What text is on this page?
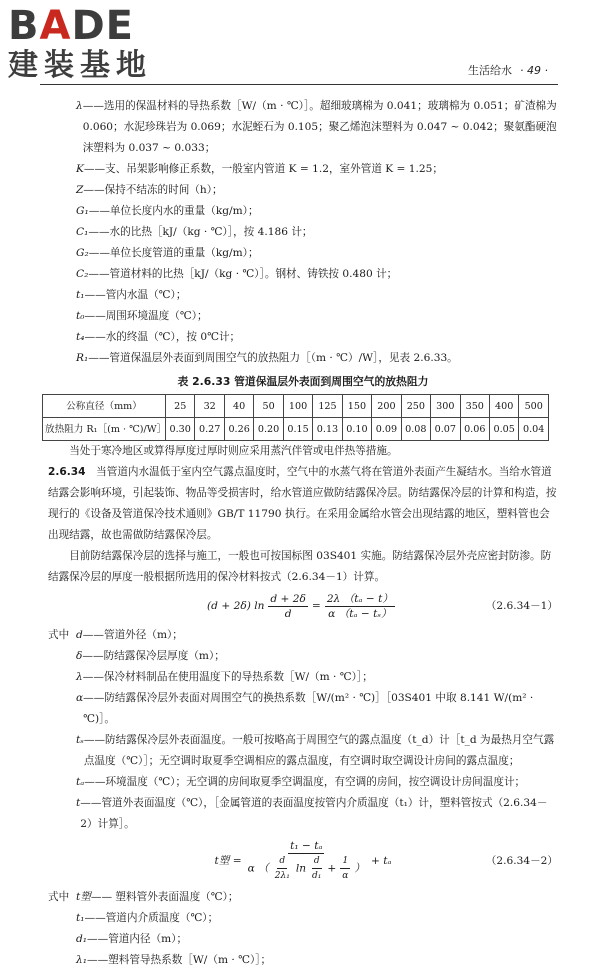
BADE
建装基地	生活给水 · 49 ·
λ ——选用的保温材料的导热系数［W/（m · ℃）］。超细玻璃棉为 0.041；玻璃棉为 0.051；矿渣棉为 0.060；水泥珍珠岩为 0.069；水泥蛭石为 0.105；聚乙烯泡沫塑料为 0.047 ~ 0.042；聚氨酯硬泡沫塑料为 0.037 ~ 0.033；
K ——支、吊架影响修正系数，一般室内管道 K = 1.2，室外管道 K = 1.25；
Z ——保持不结冻的时间（h）；
G₁ ——单位长度内水的重量（kg/m）；
C₁ ——水的比热［kJ/（kg · ℃）］，按 4.186 计；
G₂ ——单位长度管道的重量（kg/m）；
C₂ ——管道材料的比热［kJ/（kg · ℃）］。钢材、铸铁按 0.480 计；
t₁ ——管内水温（℃）；
t₀ ——周围环境温度（℃）；
t₄ ——水的终温（℃），按 0℃计；
R₁ ——管道保温层外表面到周围空气的放热阻力［（m · ℃）/W］，见表 2.6.33。
表 2.6.33 管道保温层外表面到周围空气的放热阻力
公称直径（mm）	25	32	40	50	100	125	150	200	250	300	350	400	500
放热阻力 R₁［(m · ℃)/W］	0.30	0.27	0.26	0.20	0.15	0.13	0.10	0.09	0.08	0.07	0.06	0.05	0.04
当处于寒冷地区或算得厚度过厚时则应采用蒸汽伴管或电伴热等措施。
2.6.34　 当管道内水温低于室内空气露点温度时，空气中的水蒸气将在管道外表面产生凝结水。当给水管道结露会影响环境，引起装饰、物品等受损害时，给水管道应做防结露保冷层。防结露保冷层的计算和构造，按现行的《设备及管道保冷技术通则》GB/T 11790 执行。在采用金属给水管会出现结露的地区，塑料管也会出现结露，故也需做防结露保冷层。
目前防结露保冷层的选择与施工，一般也可按国标图 03S401 实施。防结露保冷层外壳应密封防渗。防结露保冷层的厚度一般根据所选用的保冷材料按式（2.6.34－1）计算。
(d + 2δ) $\ln \frac{d + 2\delta}{d} = \frac{\text{2λ （tₐ − t）}}{\text{α （tₐ − tₛ）}}$	（2.6.34－1）
式中 d ——管道外径（m）；
δ ——防结露保冷层厚度（m）；
λ ——保冷材料制品在使用温度下的导热系数［W/（m · ℃）］；
α ——防结露保冷层外表面对周围空气的换热系数［W/(m² · ℃)］［03S401 中取 8.141 W/(m² · ℃)］。
tₛ ——防结露保冷层外表面温度。一般可按略高于周围空气的露点温度（t_d）计［t_d 为最热月空气露点温度（℃）］；无空调时取夏季空调相应的露点温度，有空调时取空调设计房间的露点温度；
tₐ ——环境温度（℃）；无空调的房间取夏季空调温度，有空调的房间，按空调设计房间温度计；
t ——管道外表面温度（℃），［金属管道的表面温度按管内介质温度（t₁）计，塑料管按式（2.6.34－2）计算］。
t塑 = $\frac{\text{t₁ − tₐ}}{\alpha ( \frac{d}{\text{2λ₁}} \ln \frac{d}{\text{d₁}} + \frac{1}{\alpha} )} + t_a$	（2.6.34－2）
式中 t塑 —— 塑料管外表面温度（℃）；
t₁ ——管道内介质温度（℃）；
d₁ ——管道内径（m）；
λ₁ ——塑料管导热系数［W/（m · ℃）］；
